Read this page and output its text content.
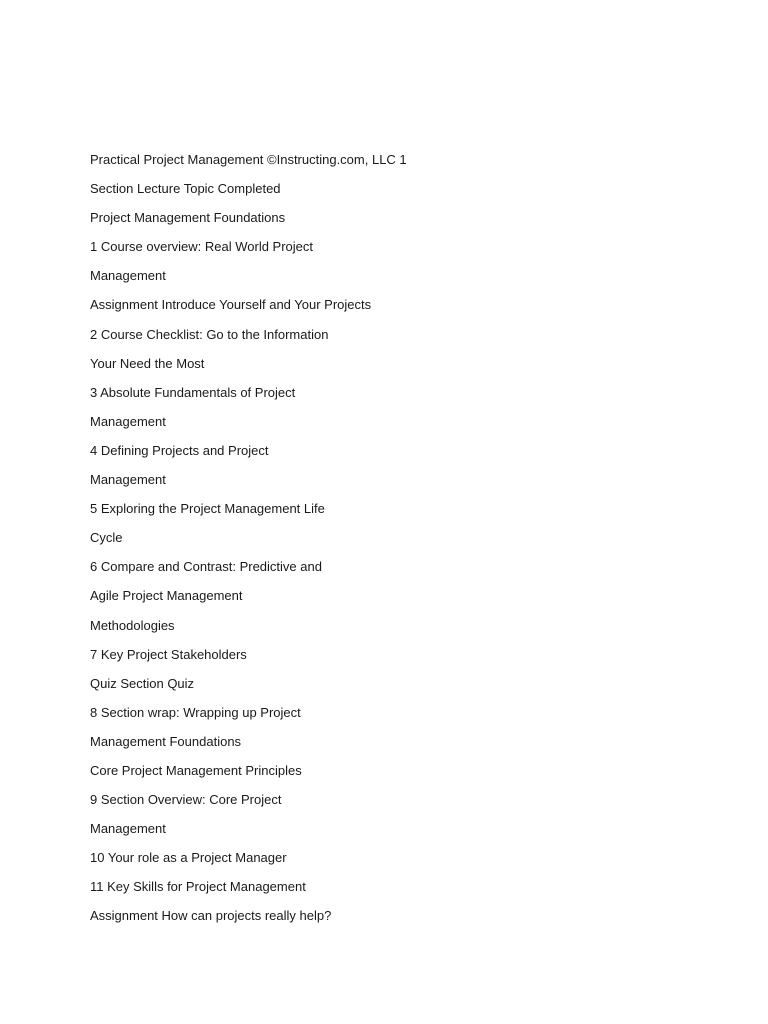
Practical Project Management ©Instructing.com, LLC 1
Section Lecture Topic Completed
Project Management Foundations
1 Course overview: Real World Project
Management
Assignment Introduce Yourself and Your Projects
2 Course Checklist: Go to the Information
Your Need the Most
3 Absolute Fundamentals of Project
Management
4 Defining Projects and Project
Management
5 Exploring the Project Management Life
Cycle
6 Compare and Contrast: Predictive and
Agile Project Management
Methodologies
7 Key Project Stakeholders
Quiz Section Quiz
8 Section wrap: Wrapping up Project
Management Foundations
Core Project Management Principles
9 Section Overview: Core Project
Management
10 Your role as a Project Manager
11 Key Skills for Project Management
Assignment How can projects really help?
